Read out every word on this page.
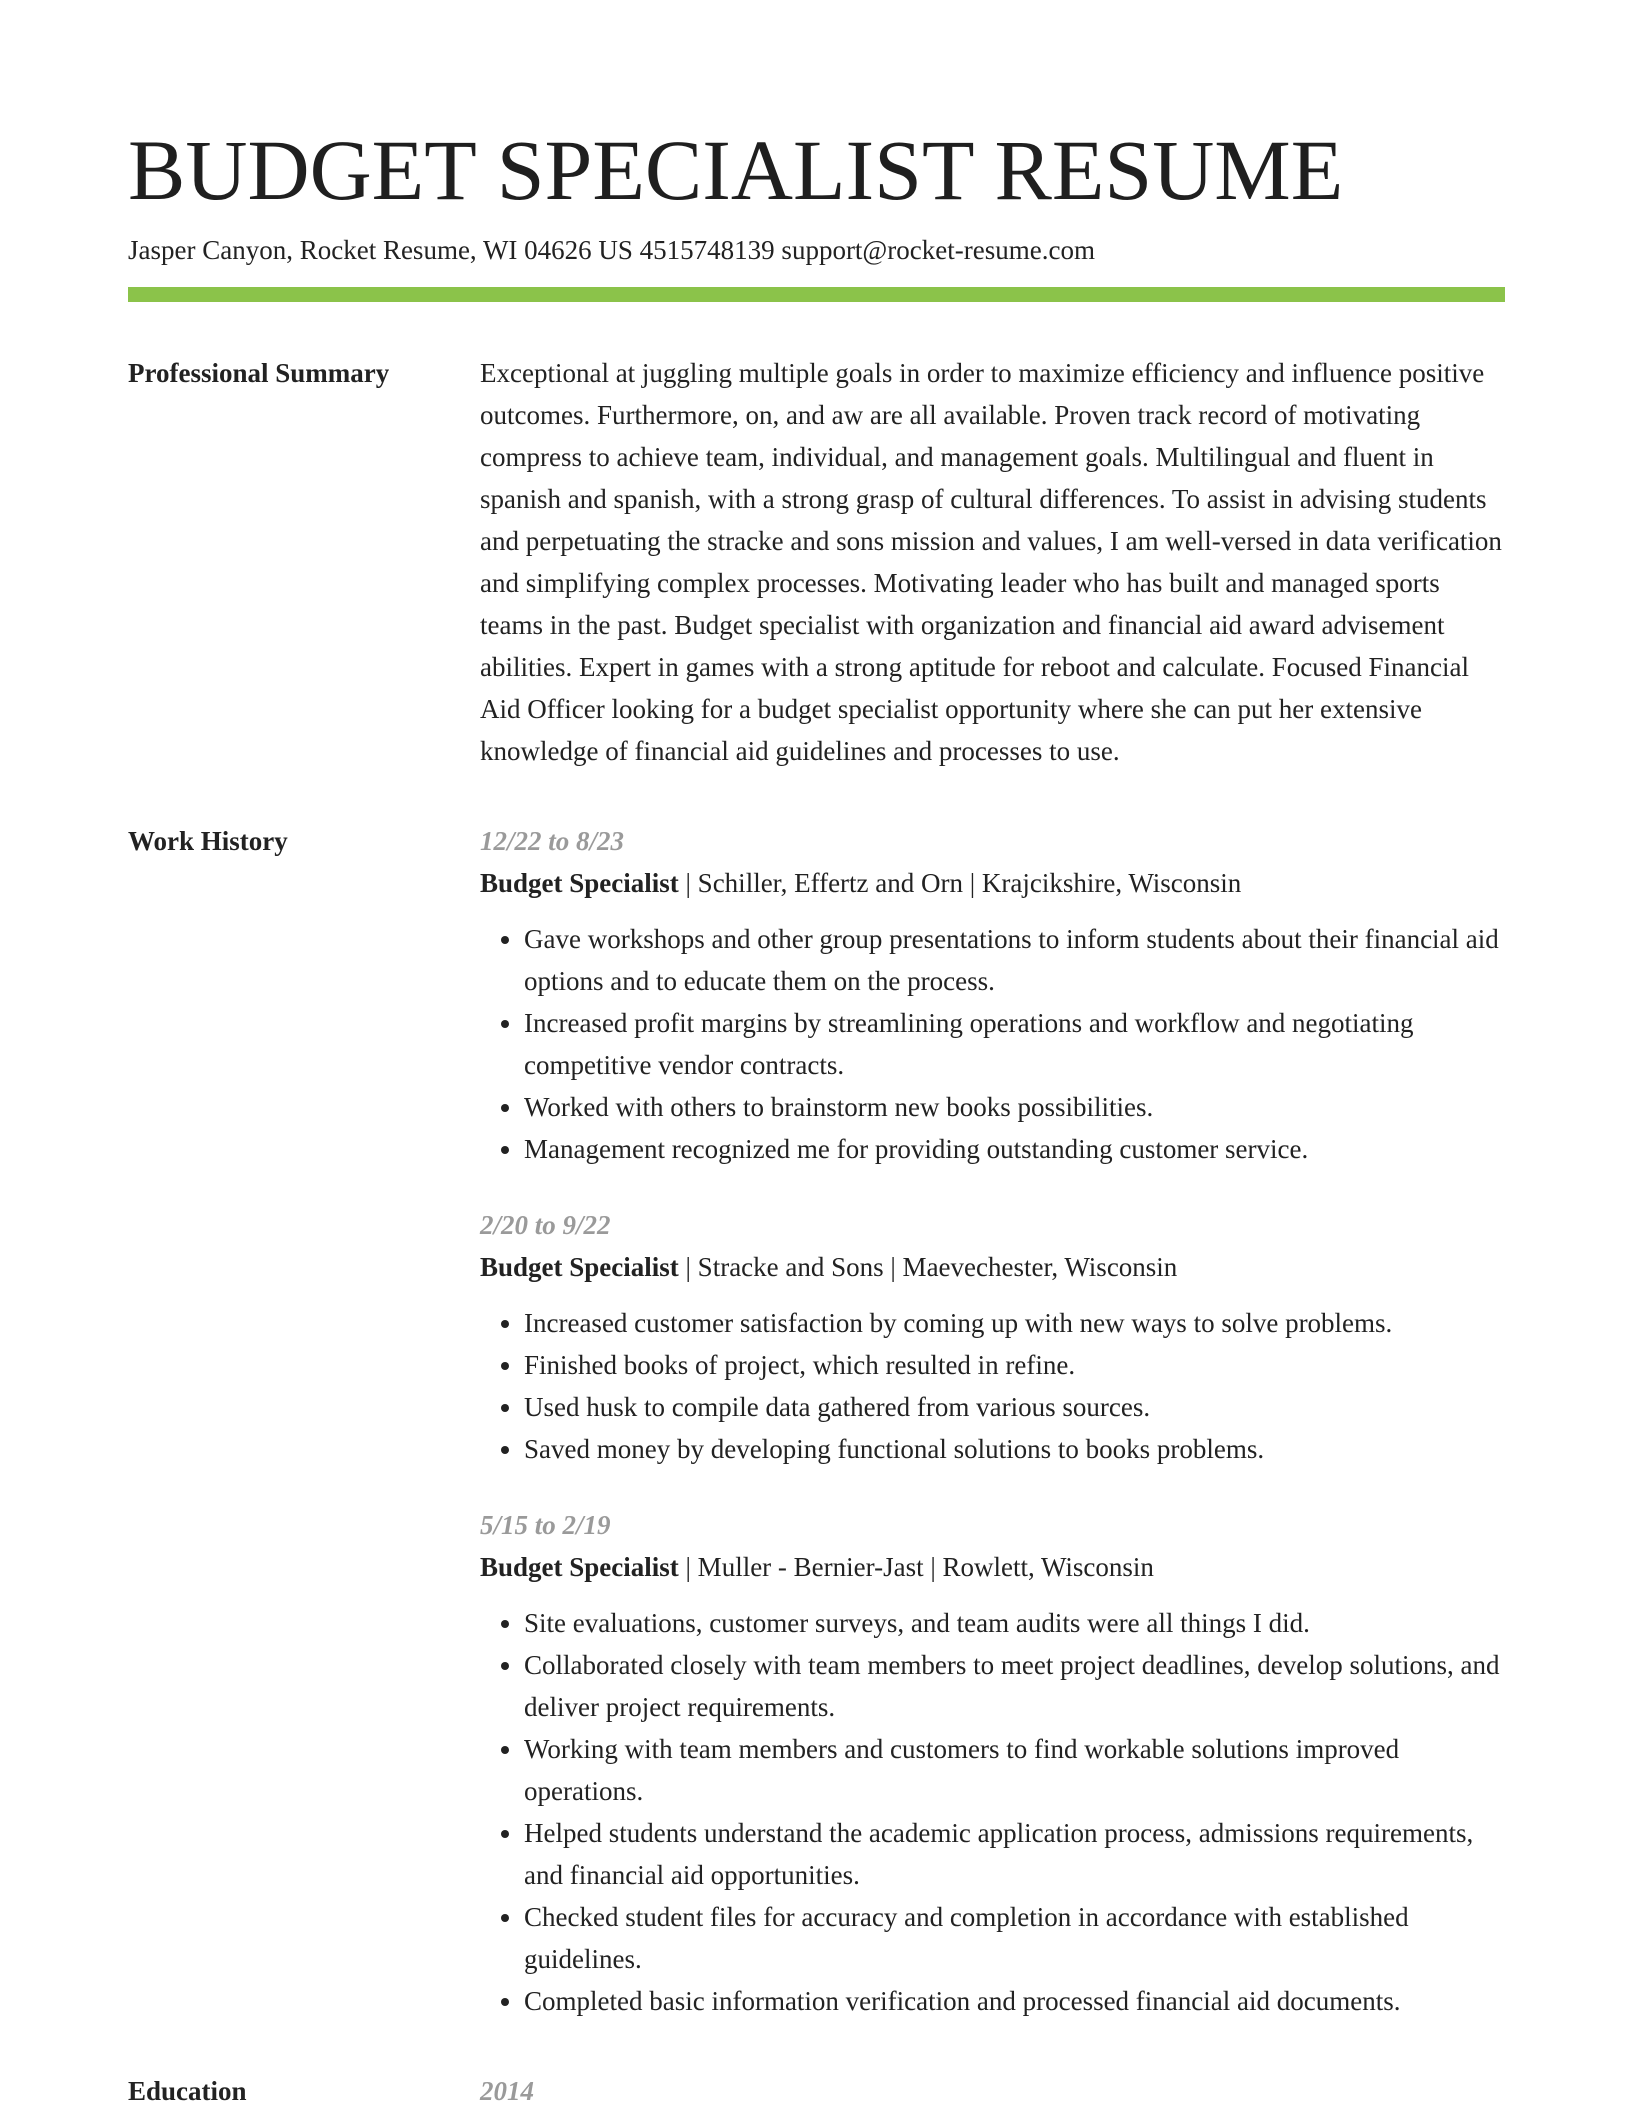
BUDGET SPECIALIST RESUME
Jasper Canyon, Rocket Resume, WI 04626 US 4515748139 support@rocket-resume.com
Professional Summary	Exceptional at juggling multiple goals in order to maximize efficiency and influence positive outcomes. Furthermore, on, and aw are all available. Proven track record of motivating compress to achieve team, individual, and management goals. Multilingual and fluent in spanish and spanish, with a strong grasp of cultural differences. To assist in advising students and perpetuating the stracke and sons mission and values, I am well-versed in data verification and simplifying complex processes. Motivating leader who has built and managed sports teams in the past. Budget specialist with organization and financial aid award advisement abilities. Expert in games with a strong aptitude for reboot and calculate. Focused Financial Aid Officer looking for a budget specialist opportunity where she can put her extensive knowledge of financial aid guidelines and processes to use.

Work History	12/22 to 8/23
Budget Specialist | Schiller, Effertz and Orn | Krajcikshire, Wisconsin
• Gave workshops and other group presentations to inform students about their financial aid options and to educate them on the process.
• Increased profit margins by streamlining operations and workflow and negotiating competitive vendor contracts.
• Worked with others to brainstorm new books possibilities.
• Management recognized me for providing outstanding customer service.
2/20 to 9/22
Budget Specialist | Stracke and Sons | Maevechester, Wisconsin
• Increased customer satisfaction by coming up with new ways to solve problems.
• Finished books of project, which resulted in refine.
• Used husk to compile data gathered from various sources.
• Saved money by developing functional solutions to books problems.
5/15 to 2/19
Budget Specialist | Muller - Bernier-Jast | Rowlett, Wisconsin
• Site evaluations, customer surveys, and team audits were all things I did.
• Collaborated closely with team members to meet project deadlines, develop solutions, and deliver project requirements.
• Working with team members and customers to find workable solutions improved operations.
• Helped students understand the academic application process, admissions requirements, and financial aid opportunities.
• Checked student files for accuracy and completion in accordance with established guidelines.
• Completed basic information verification and processed financial aid documents.
Education	2014
